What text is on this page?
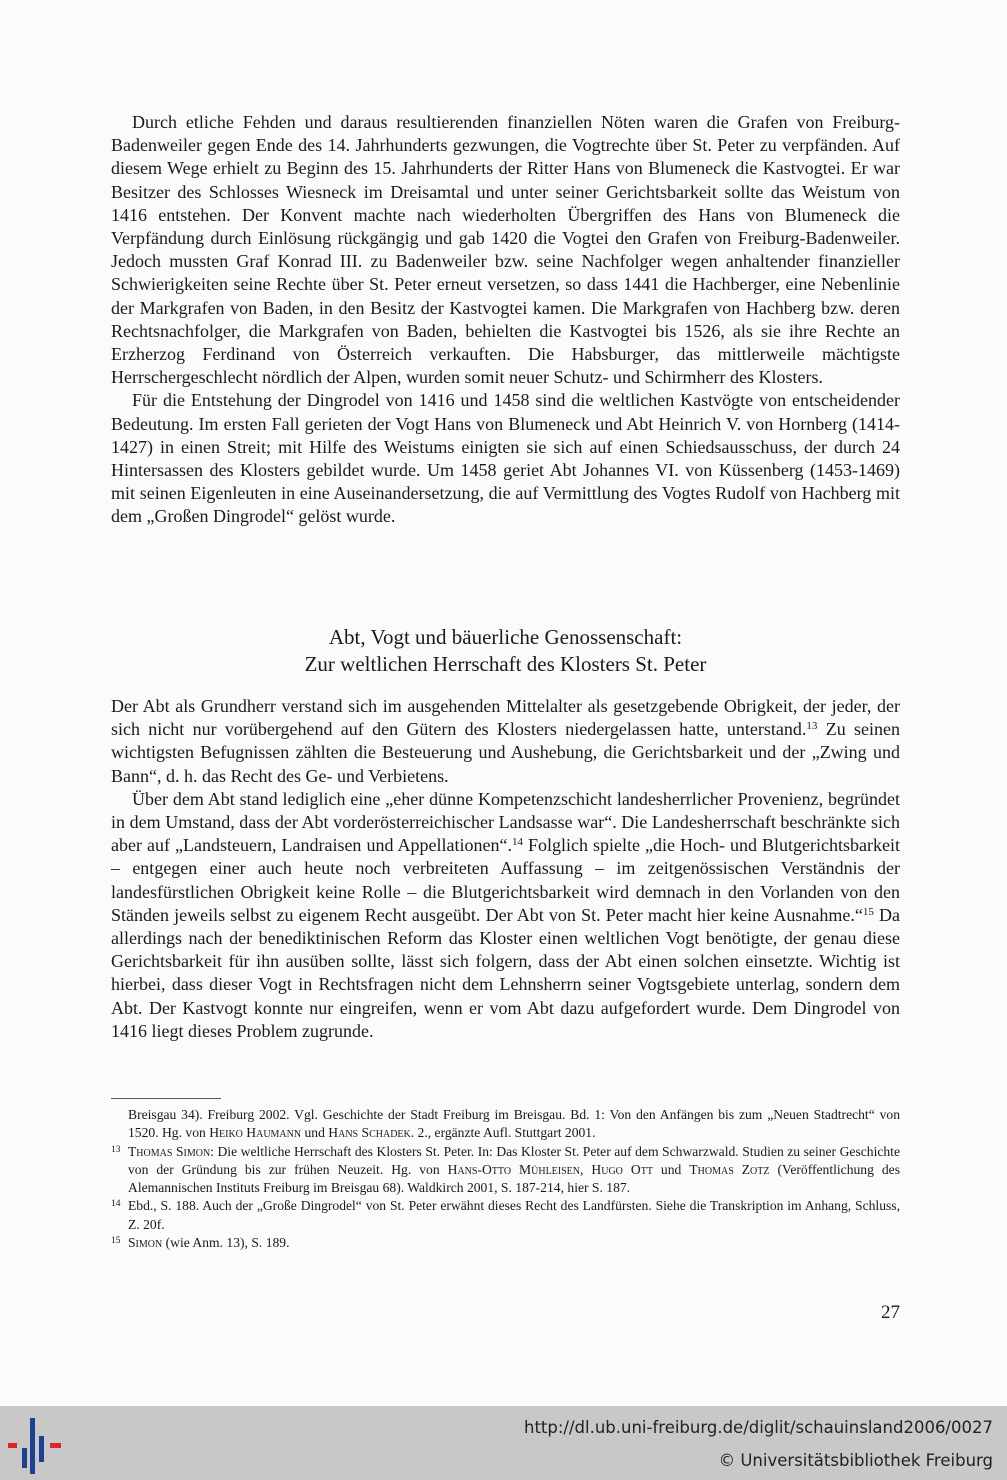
Durch etliche Fehden und daraus resultierenden finanziellen Nöten waren die Grafen von Freiburg-Badenweiler gegen Ende des 14. Jahrhunderts gezwungen, die Vogtrechte über St. Peter zu verpfänden. Auf diesem Wege erhielt zu Beginn des 15. Jahrhunderts der Ritter Hans von Blumeneck die Kastvogtei. Er war Besitzer des Schlosses Wiesneck im Dreisamtal und unter seiner Gerichtsbarkeit sollte das Weistum von 1416 entstehen. Der Konvent machte nach wiederholten Übergriffen des Hans von Blumeneck die Verpfändung durch Einlösung rückgängig und gab 1420 die Vogtei den Grafen von Freiburg-Badenweiler. Jedoch mussten Graf Konrad III. zu Badenweiler bzw. seine Nachfolger wegen anhaltender finanzieller Schwierigkeiten seine Rechte über St. Peter erneut versetzen, so dass 1441 die Hachberger, eine Nebenlinie der Markgrafen von Baden, in den Besitz der Kastvogtei kamen. Die Markgrafen von Hachberg bzw. deren Rechtsnachfolger, die Markgrafen von Baden, behielten die Kastvogtei bis 1526, als sie ihre Rechte an Erzherzog Ferdinand von Österreich verkauften. Die Habsburger, das mittlerweile mächtigste Herrschergeschlecht nördlich der Alpen, wurden somit neuer Schutz- und Schirmherr des Klosters.

Für die Entstehung der Dingrodel von 1416 und 1458 sind die weltlichen Kastvögte von entscheidender Bedeutung. Im ersten Fall gerieten der Vogt Hans von Blumeneck und Abt Heinrich V. von Hornberg (1414-1427) in einen Streit; mit Hilfe des Weistums einigten sie sich auf einen Schiedsausschuss, der durch 24 Hintersassen des Klosters gebildet wurde. Um 1458 geriet Abt Johannes VI. von Küssenberg (1453-1469) mit seinen Eigenleuten in eine Auseinandersetzung, die auf Vermittlung des Vogtes Rudolf von Hachberg mit dem „Großen Dingrodel“ gelöst wurde.

Abt, Vogt und bäuerliche Genossenschaft:
Zur weltlichen Herrschaft des Klosters St. Peter

Der Abt als Grundherr verstand sich im ausgehenden Mittelalter als gesetzgebende Obrigkeit, der jeder, der sich nicht nur vorübergehend auf den Gütern des Klosters niedergelassen hatte, unterstand.$^{13}$ Zu seinen wichtigsten Befugnissen zählten die Besteuerung und Aushebung, die Gerichtsbarkeit und der „Zwing und Bann“, d. h. das Recht des Ge- und Verbietens.

Über dem Abt stand lediglich eine „eher dünne Kompetenzschicht landesherrlicher Provenienz, begründet in dem Umstand, dass der Abt vorderösterreichischer Landsasse war“. Die Landesherrschaft beschränkte sich aber auf „Landsteuern, Landraisen und Appellationen“.$^{14}$ Folglich spielte „die Hoch- und Blutgerichtsbarkeit – entgegen einer auch heute noch verbreiteten Auffassung – im zeitgenössischen Verständnis der landesfürstlichen Obrigkeit keine Rolle – die Blutgerichtsbarkeit wird demnach in den Vorlanden von den Ständen jeweils selbst zu eigenem Recht ausgeübt. Der Abt von St. Peter macht hier keine Ausnahme.“$^{15}$ Da allerdings nach der benediktinischen Reform das Kloster einen weltlichen Vogt benötigte, der genau diese Gerichtsbarkeit für ihn ausüben sollte, lässt sich folgern, dass der Abt einen solchen einsetzte. Wichtig ist hierbei, dass dieser Vogt in Rechtsfragen nicht dem Lehnsherrn seiner Vogtsgebiete unterlag, sondern dem Abt. Der Kastvogt konnte nur eingreifen, wenn er vom Abt dazu aufgefordert wurde. Dem Dingrodel von 1416 liegt dieses Problem zugrunde.

Breisgau 34). Freiburg 2002. Vgl. Geschichte der Stadt Freiburg im Breisgau. Bd. 1: Von den Anfängen bis zum „Neuen Stadtrecht“ von 1520. Hg. von Heiko Haumann und Hans Schadek. 2., ergänzte Aufl. Stuttgart 2001.
13 Thomas Simon: Die weltliche Herrschaft des Klosters St. Peter. In: Das Kloster St. Peter auf dem Schwarzwald. Studien zu seiner Geschichte von der Gründung bis zur frühen Neuzeit. Hg. von Hans-Otto Mühleisen, Hugo Ott und Thomas Zotz (Veröffentlichung des Alemannischen Instituts Freiburg im Breisgau 68). Waldkirch 2001, S. 187-214, hier S. 187.
14 Ebd., S. 188. Auch der „Große Dingrodel“ von St. Peter erwähnt dieses Recht des Landfürsten. Siehe die Transkription im Anhang, Schluss, Z. 20f.
15 Simon (wie Anm. 13), S. 189.
27
http://dl.ub.uni-freiburg.de/diglit/schauinsland2006/0027
© Universitätsbibliothek Freiburg
